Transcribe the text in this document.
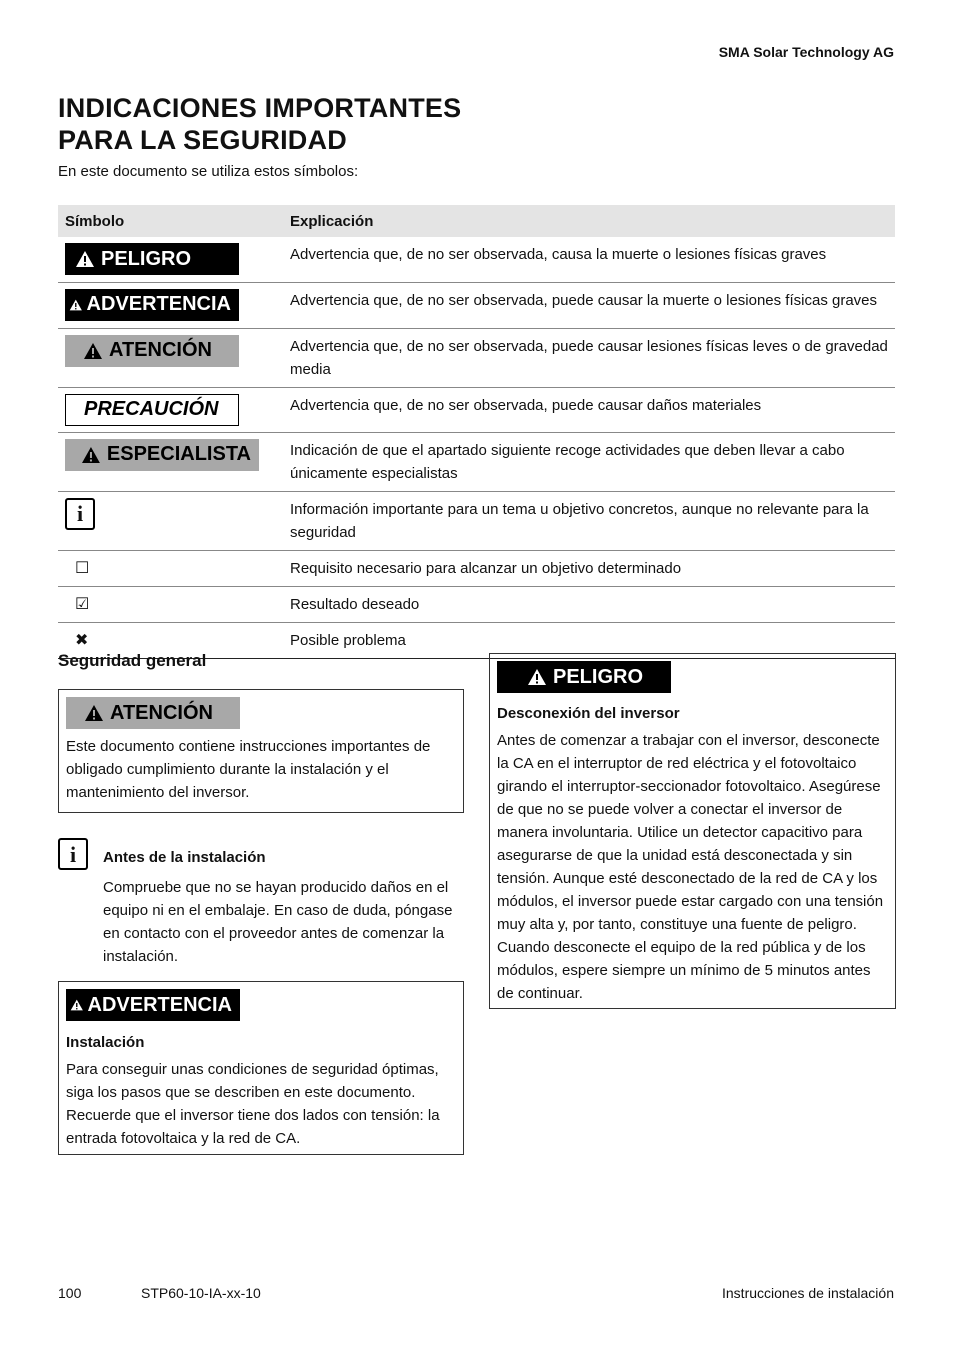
SMA Solar Technology AG
INDICACIONES IMPORTANTES
PARA LA SEGURIDAD
En este documento se utiliza estos símbolos:
Símbolo	Explicación

PELIGRO	Advertencia que, de no ser observada, causa la muerte o lesiones físicas graves

ADVERTENCIA	Advertencia que, de no ser observada, puede causar la muerte o lesiones físicas graves

ATENCIÓN	Advertencia que, de no ser observada, puede causar lesiones físicas leves o de gravedad media

PRECAUCIÓN	Advertencia que, de no ser observada, puede causar daños materiales

ESPECIALISTA	Indicación de que el apartado siguiente recoge actividades que deben llevar a cabo únicamente especialistas
i	Información importante para un tema u objetivo concretos, aunque no relevante para la seguridad
☐	Requisito necesario para alcanzar un objetivo determinado
☑	Resultado deseado
✖	Posible problema
Seguridad general
ATENCIÓN
Este documento contiene instrucciones importantes de obligado cumplimiento durante la instalación y el mantenimiento del inversor.
i	Antes de la instalación
Compruebe que no se hayan producido daños en el equipo ni en el embalaje. En caso de duda, póngase en contacto con el proveedor antes de comenzar la instalación.
ADVERTENCIA
Instalación
Para conseguir unas condiciones de seguridad óptimas, siga los pasos que se describen en este documento. Recuerde que el inversor tiene dos lados con tensión: la entrada fotovoltaica y la red de CA.
PELIGRO
Desconexión del inversor
Antes de comenzar a trabajar con el inversor, desconecte la CA en el interruptor de red eléctrica y el fotovoltaico girando el interruptor-seccionador fotovoltaico. Asegúrese de que no se puede volver a conectar el inversor de manera involuntaria. Utilice un detector capacitivo para asegurarse de que la unidad está desconectada y sin tensión. Aunque esté desconectado de la red de CA y los módulos, el inversor puede estar cargado con una tensión muy alta y, por tanto, constituye una fuente de peligro. Cuando desconecte el equipo de la red pública y de los módulos, espere siempre un mínimo de 5 minutos antes de continuar.
100	STP60-10-IA-xx-10	Instrucciones de instalación
